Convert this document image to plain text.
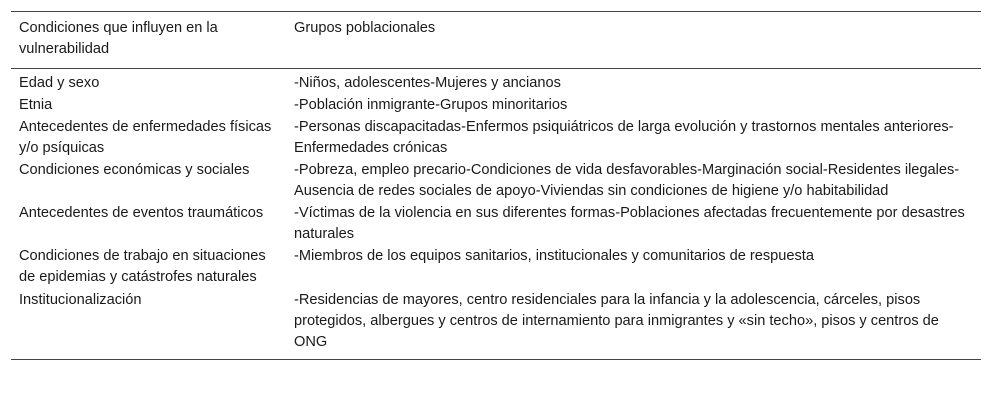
Condiciones que influyen en la vulnerabilidad	Grupos poblacionales
Edad y sexo	-Niños, adolescentes-Mujeres y ancianos
Etnia	-Población inmigrante-Grupos minoritarios
Antecedentes de enfermedades físicas y/o psíquicas	-Personas discapacitadas-Enfermos psiquiátricos de larga evolución y trastornos mentales anteriores-Enfermedades crónicas
Condiciones económicas y sociales	-Pobreza, empleo precario-Condiciones de vida desfavorables-Marginación social-Residentes ilegales-Ausencia de redes sociales de apoyo-Viviendas sin condiciones de higiene y/o habitabilidad
Antecedentes de eventos traumáticos	-Víctimas de la violencia en sus diferentes formas-Poblaciones afectadas frecuentemente por desastres naturales
Condiciones de trabajo en situaciones de epidemias y catástrofes naturales	-Miembros de los equipos sanitarios, institucionales y comunitarios de respuesta
Institucionalización	-Residencias de mayores, centro residenciales para la infancia y la adolescencia, cárceles, pisos protegidos, albergues y centros de internamiento para inmigrantes y «sin techo», pisos y centros de ONG
